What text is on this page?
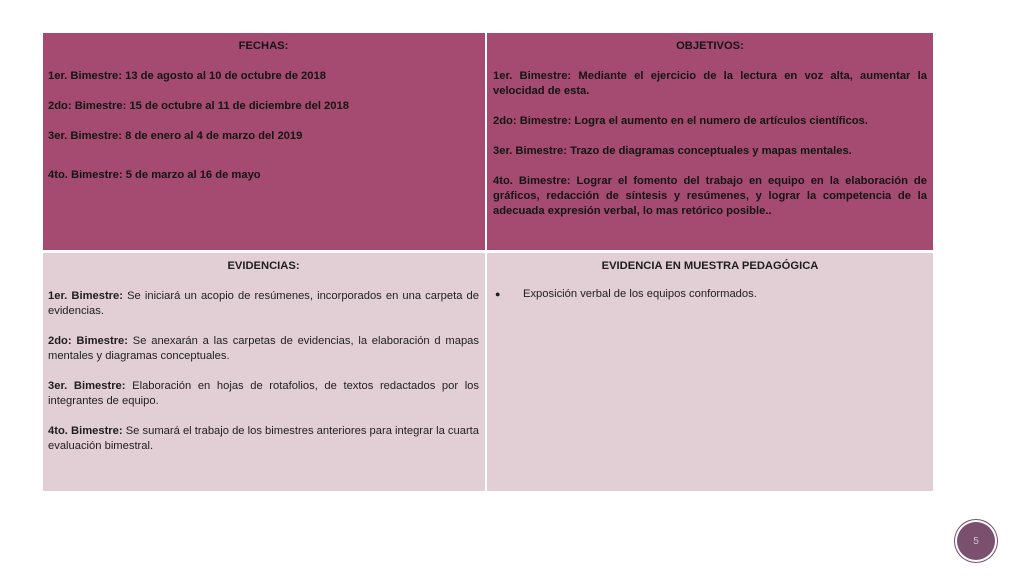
FECHAS:
1er. Bimestre: 13 de agosto al 10 de octubre de 2018
2do: Bimestre: 15 de octubre al 11 de diciembre del 2018
3er. Bimestre: 8 de enero al 4 de marzo del 2019
4to. Bimestre: 5 de marzo al 16 de mayo
OBJETIVOS:
1er. Bimestre: Mediante el ejercicio de la lectura en voz alta, aumentar la velocidad de esta.
2do: Bimestre: Logra el aumento en el numero de artículos científicos.
3er. Bimestre: Trazo de diagramas conceptuales y mapas mentales.
4to. Bimestre: Lograr el fomento del trabajo en equipo en la elaboración de gráficos, redacción de síntesis y resúmenes, y lograr la competencia de la adecuada expresión verbal, lo mas retórico posible..
EVIDENCIAS:
1er. Bimestre: Se iniciará un acopio de resúmenes, incorporados en una carpeta de evidencias.
2do: Bimestre: Se anexarán a las carpetas de evidencias, la elaboración d mapas mentales y diagramas conceptuales.
3er. Bimestre: Elaboración en hojas de rotafolios, de textos redactados por los integrantes de equipo.
4to. Bimestre: Se sumará el trabajo de los bimestres anteriores para integrar la cuarta evaluación bimestral.
EVIDENCIA EN MUESTRA PEDAGÓGICA
●	Exposición verbal de los equipos conformados.
5
